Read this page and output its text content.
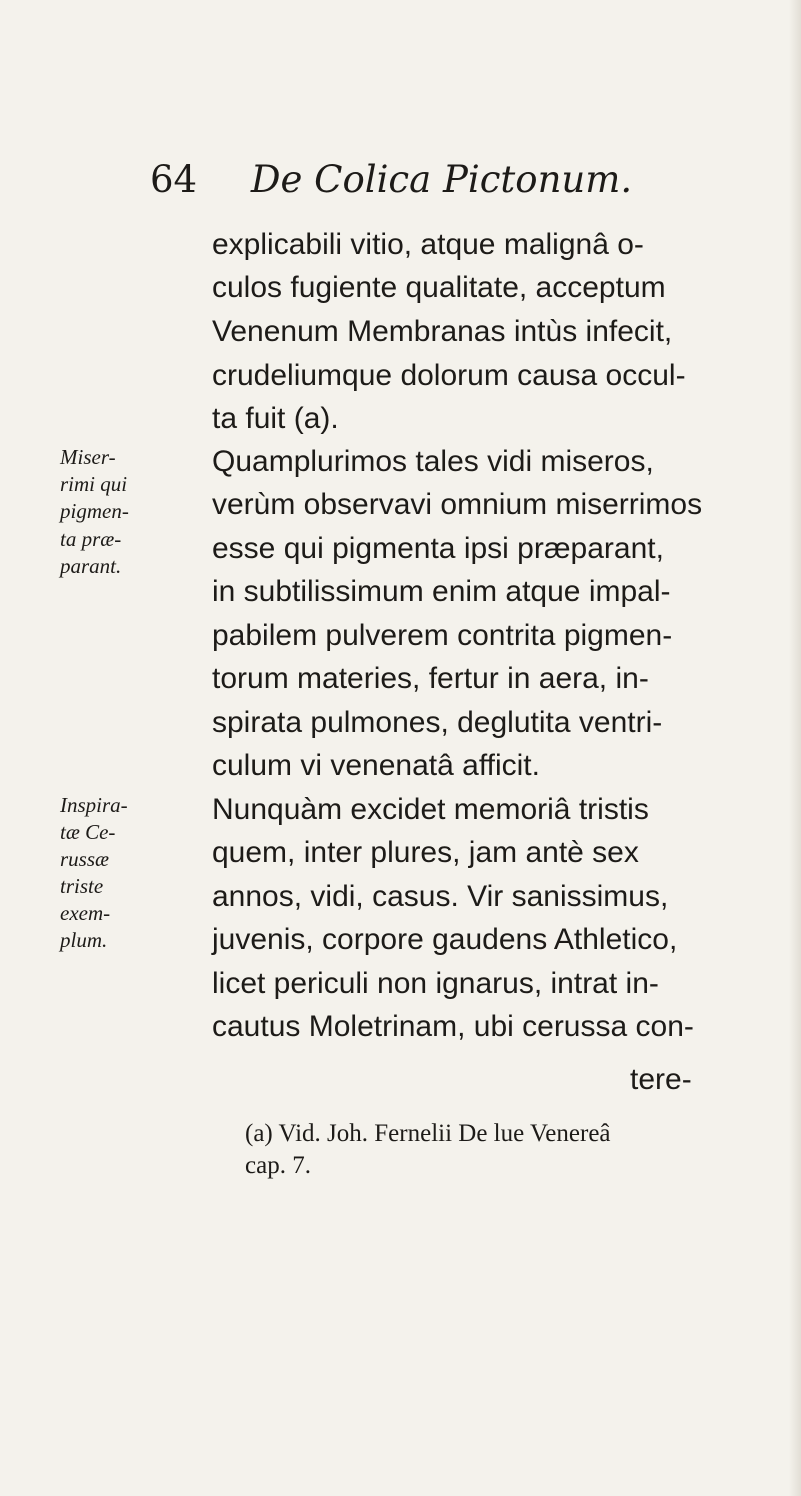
64 De Colica Pictonum.
explicabili vitio, atque malignâ o-
culos fugiente qualitate, acceptum
Venenum Membranas intùs infecit,
crudeliumque dolorum causa occul-
ta fuit (a).
Quamplurimos tales vidi miseros,
verùm observavi omnium miserrimos
esse qui pigmenta ipsi præparant,
in subtilissimum enim atque impal-
pabilem pulverem contrita pigmen-
torum materies, fertur in aera, in-
spirata pulmones, deglutita ventri-
culum vi venenatâ afficit.
Nunquàm excidet memoriâ tristis
quem, inter plures, jam antè sex
annos, vidi, casus. Vir sanissimus,
juvenis, corpore gaudens Athletico,
licet periculi non ignarus, intrat in-
cautus Moletrinam, ubi cerussa con-
tere-
Miser-
rimi qui
pigmen-
ta præ-
parant.
Inspira-
tæ Ce-
russæ
triste
exem-
plum.
(a) Vid. Joh. Fernelii De lue Venereâ
cap. 7.
